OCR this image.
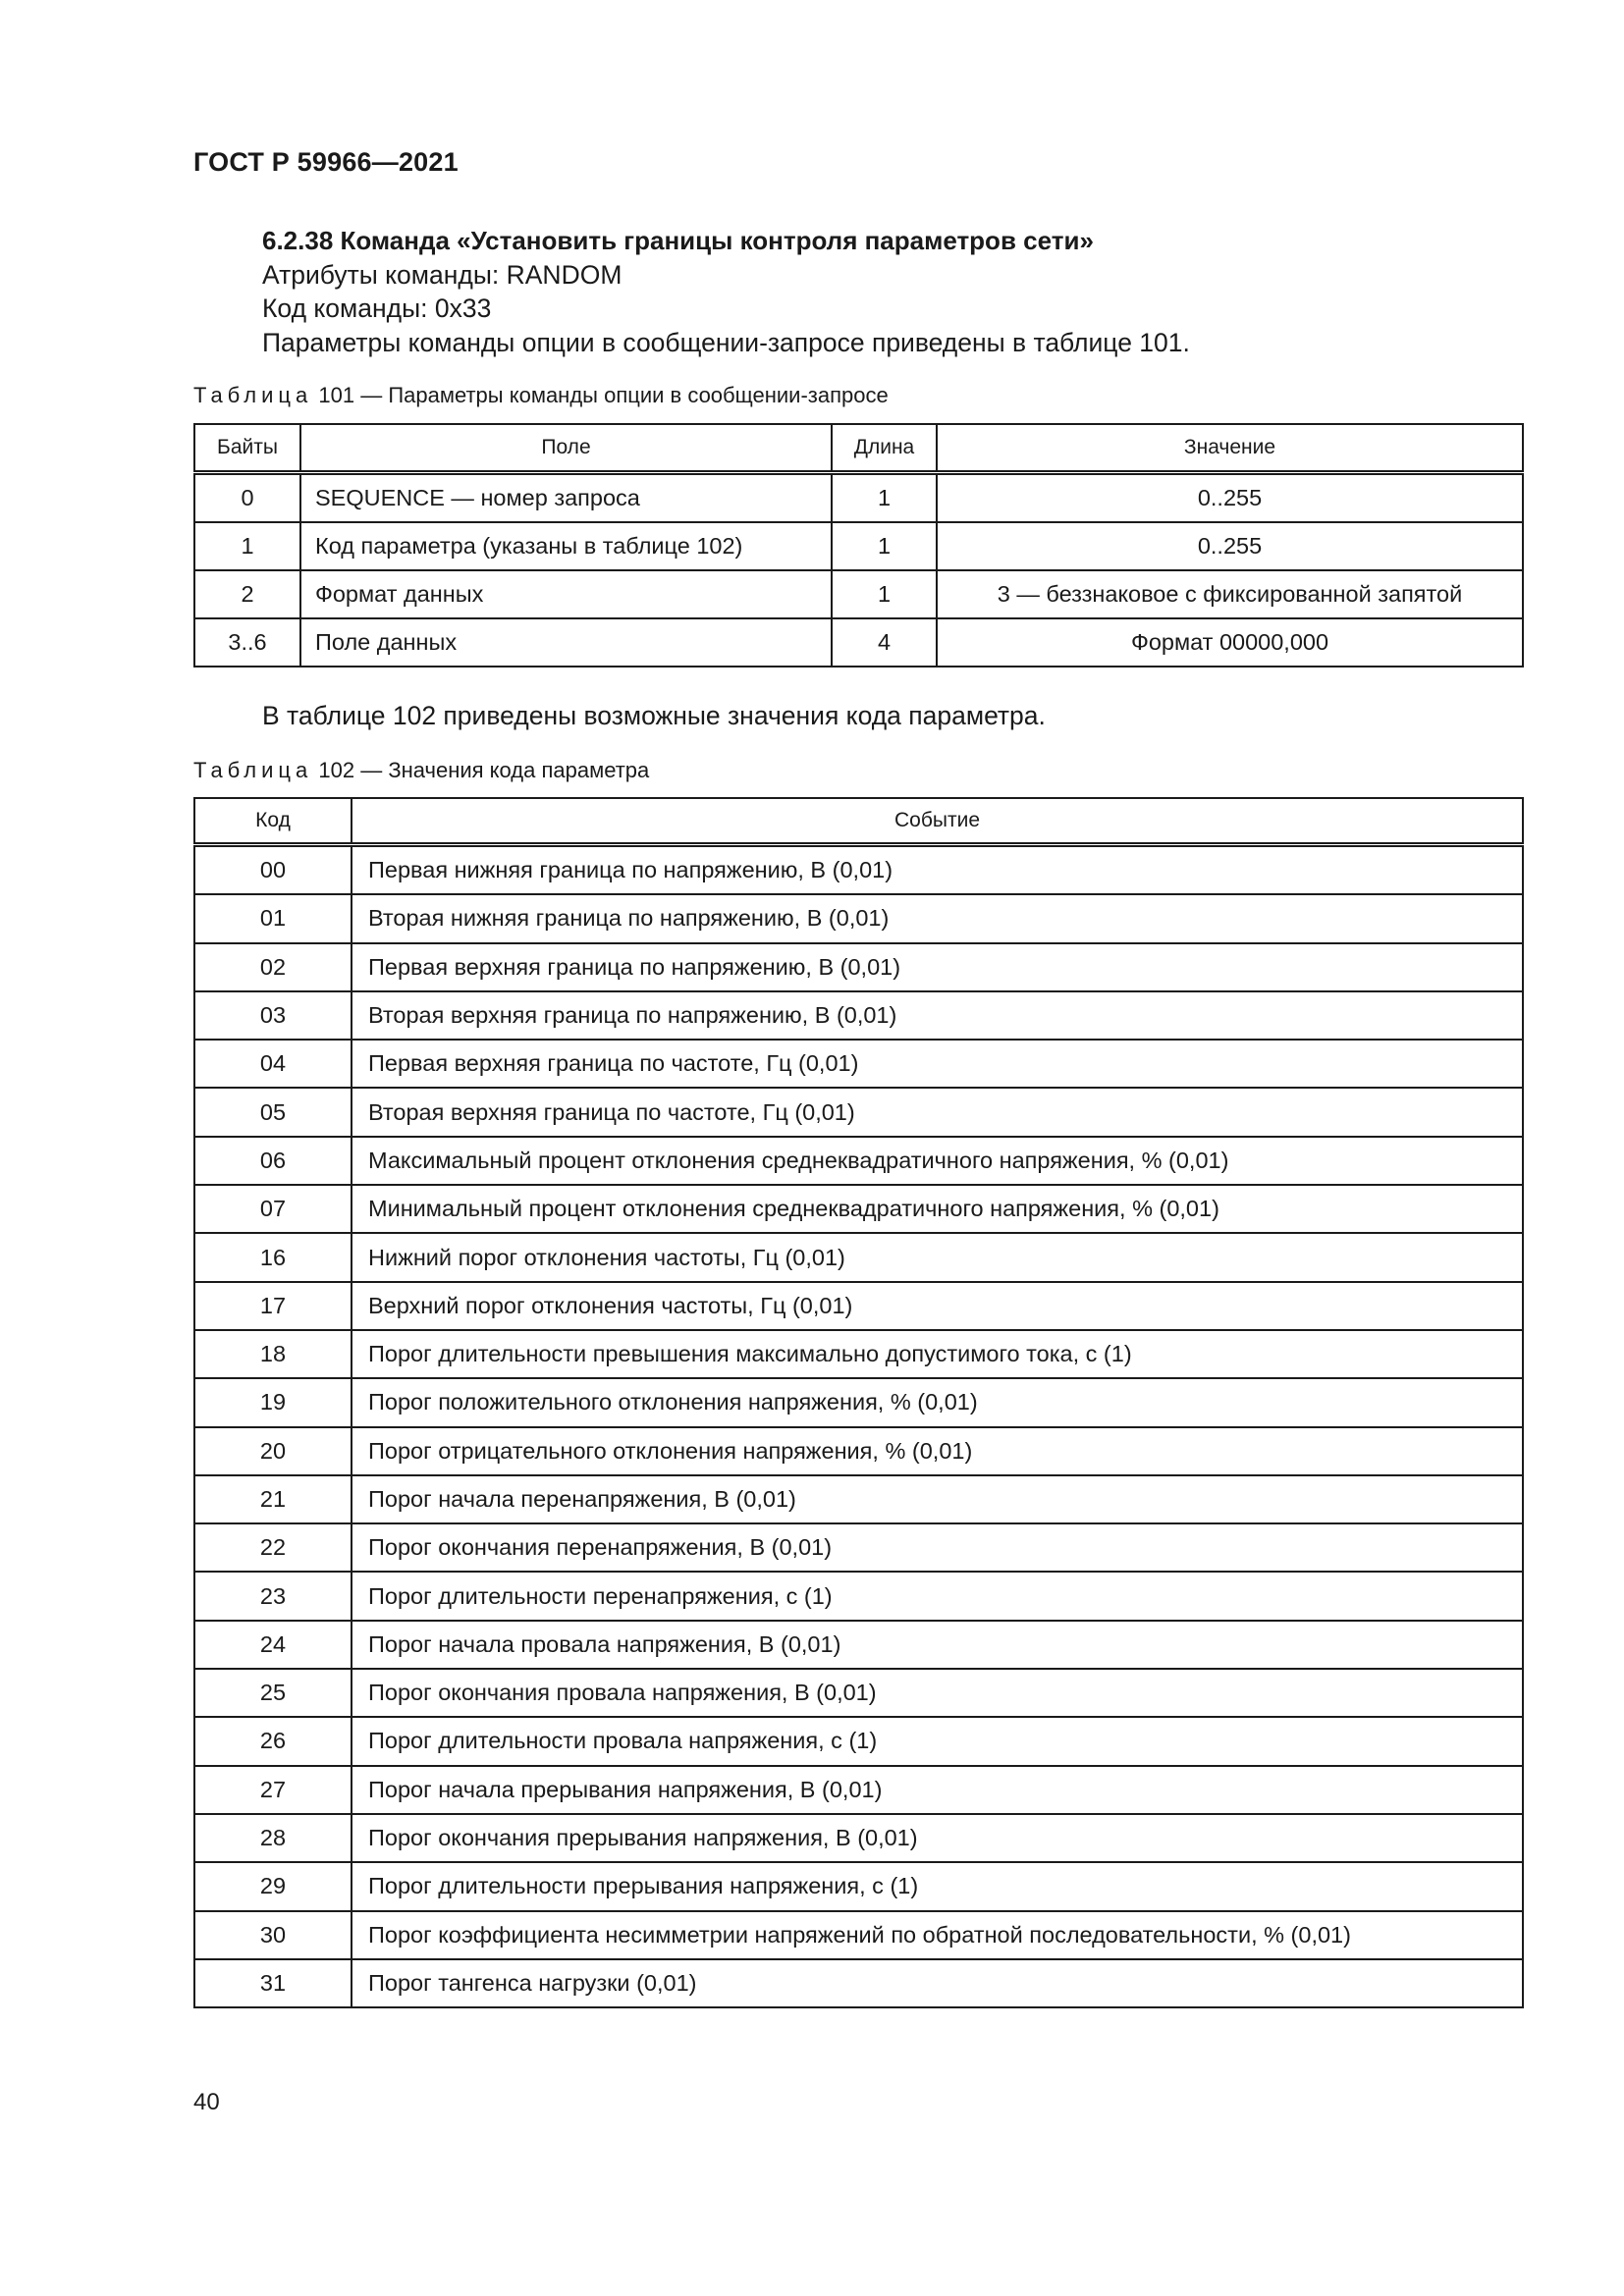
ГОСТ Р 59966—2021
6.2.38 Команда «Установить границы контроля параметров сети»
Атрибуты команды: RANDOM
Код команды: 0x33
Параметры команды опции в сообщении-запросе приведены в таблице 101.
Таблица 101 — Параметры команды опции в сообщении-запросе
Байты	Поле	Длина	Значение
0	SEQUENCE — номер запроса	1	0..255
1	Код параметра (указаны в таблице 102)	1	0..255
2	Формат данных	1	3 — беззнаковое с фиксированной запятой
3..6	Поле данных	4	Формат 00000,000
В таблице 102 приведены возможные значения кода параметра.
Таблица 102 — Значения кода параметра
Код	Событие
00	Первая нижняя граница по напряжению, В (0,01)
01	Вторая нижняя граница по напряжению, В (0,01)
02	Первая верхняя граница по напряжению, В (0,01)
03	Вторая верхняя граница по напряжению, В (0,01)
04	Первая верхняя граница по частоте, Гц (0,01)
05	Вторая верхняя граница по частоте, Гц (0,01)
06	Максимальный процент отклонения среднеквадратичного напряжения, % (0,01)
07	Минимальный процент отклонения среднеквадратичного напряжения, % (0,01)
16	Нижний порог отклонения частоты, Гц (0,01)
17	Верхний порог отклонения частоты, Гц (0,01)
18	Порог длительности превышения максимально допустимого тока, с (1)
19	Порог положительного отклонения напряжения, % (0,01)
20	Порог отрицательного отклонения напряжения, % (0,01)
21	Порог начала перенапряжения, В (0,01)
22	Порог окончания перенапряжения, В (0,01)
23	Порог длительности перенапряжения, с (1)
24	Порог начала провала напряжения, В (0,01)
25	Порог окончания провала напряжения, В (0,01)
26	Порог длительности провала напряжения, с (1)
27	Порог начала прерывания напряжения, В (0,01)
28	Порог окончания прерывания напряжения, В (0,01)
29	Порог длительности прерывания напряжения, с (1)
30	Порог коэффициента несимметрии напряжений по обратной последовательности, % (0,01)
31	Порог тангенса нагрузки (0,01)
40
